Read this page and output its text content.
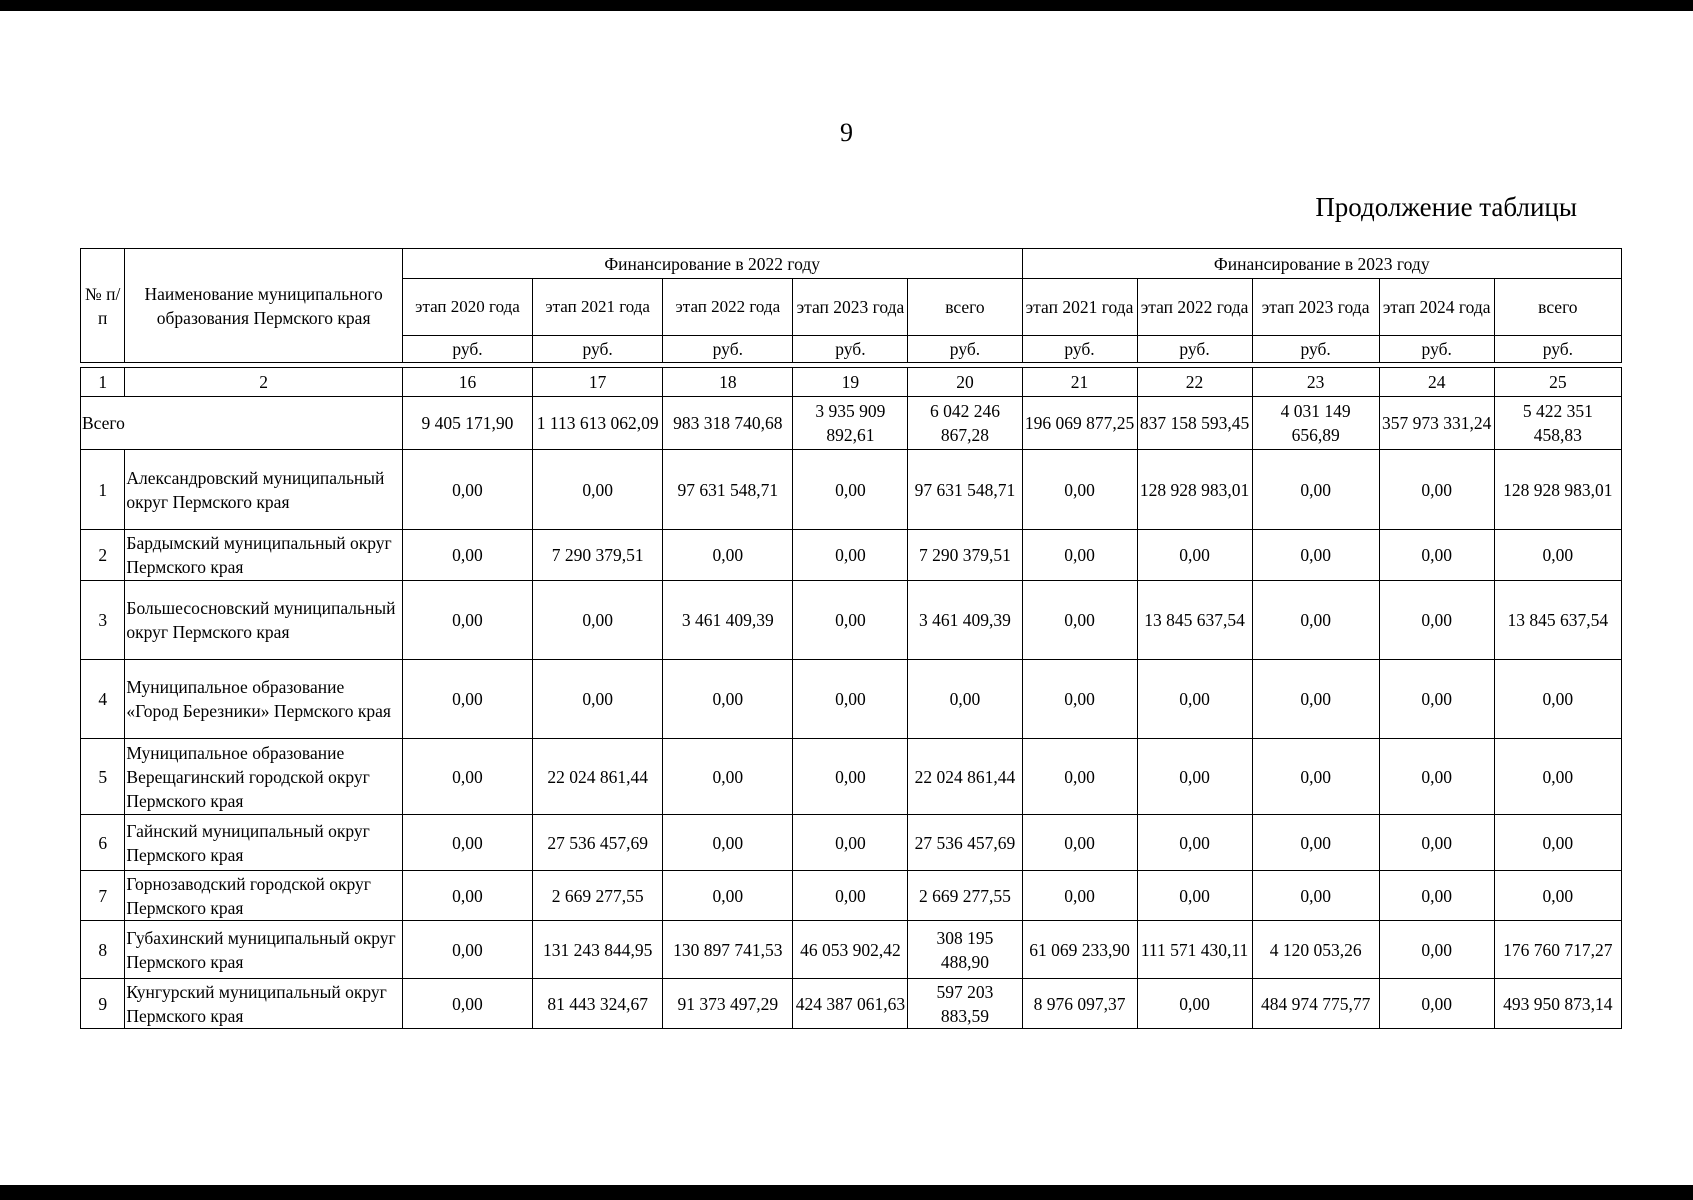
9
Продолжение таблицы
№ п/п	Наименование муниципального образования Пермского края	Финансирование в 2022 году					Финансирование в 2023 году				
		этап 2020 года	этап 2021 года	этап 2022 года	этап 2023 года	всего	этап 2021 года	этап 2022 года	этап 2023 года	этап 2024 года	всего
		руб.	руб.	руб.	руб.	руб.	руб.	руб.	руб.	руб.	руб.

1	2	16	17	18	19	20	21	22	23	24	25
Всего		9 405 171,90	1 113 613 062,09	983 318 740,68	3 935 909 892,61	6 042 246 867,28	196 069 877,25	837 158 593,45	4 031 149 656,89	357 973 331,24	5 422 351 458,83
1	Александровский муниципальный округ Пермского края	0,00	0,00	97 631 548,71	0,00	97 631 548,71	0,00	128 928 983,01	0,00	0,00	128 928 983,01
2	Бардымский муниципальный округ Пермского края	0,00	7 290 379,51	0,00	0,00	7 290 379,51	0,00	0,00	0,00	0,00	0,00
3	Большесосновский муниципальный округ Пермского края	0,00	0,00	3 461 409,39	0,00	3 461 409,39	0,00	13 845 637,54	0,00	0,00	13 845 637,54
4	Муниципальное образование «Город Березники» Пермского края	0,00	0,00	0,00	0,00	0,00	0,00	0,00	0,00	0,00	0,00
5	Муниципальное образование Верещагинский городской округ Пермского края	0,00	22 024 861,44	0,00	0,00	22 024 861,44	0,00	0,00	0,00	0,00	0,00
6	Гайнский муниципальный округ Пермского края	0,00	27 536 457,69	0,00	0,00	27 536 457,69	0,00	0,00	0,00	0,00	0,00
7	Горнозаводский городской округ Пермского края	0,00	2 669 277,55	0,00	0,00	2 669 277,55	0,00	0,00	0,00	0,00	0,00
8	Губахинский муниципальный округ Пермского края	0,00	131 243 844,95	130 897 741,53	46 053 902,42	308 195 488,90	61 069 233,90	111 571 430,11	4 120 053,26	0,00	176 760 717,27
9	Кунгурский муниципальный округ Пермского края	0,00	81 443 324,67	91 373 497,29	424 387 061,63	597 203 883,59	8 976 097,37	0,00	484 974 775,77	0,00	493 950 873,14
